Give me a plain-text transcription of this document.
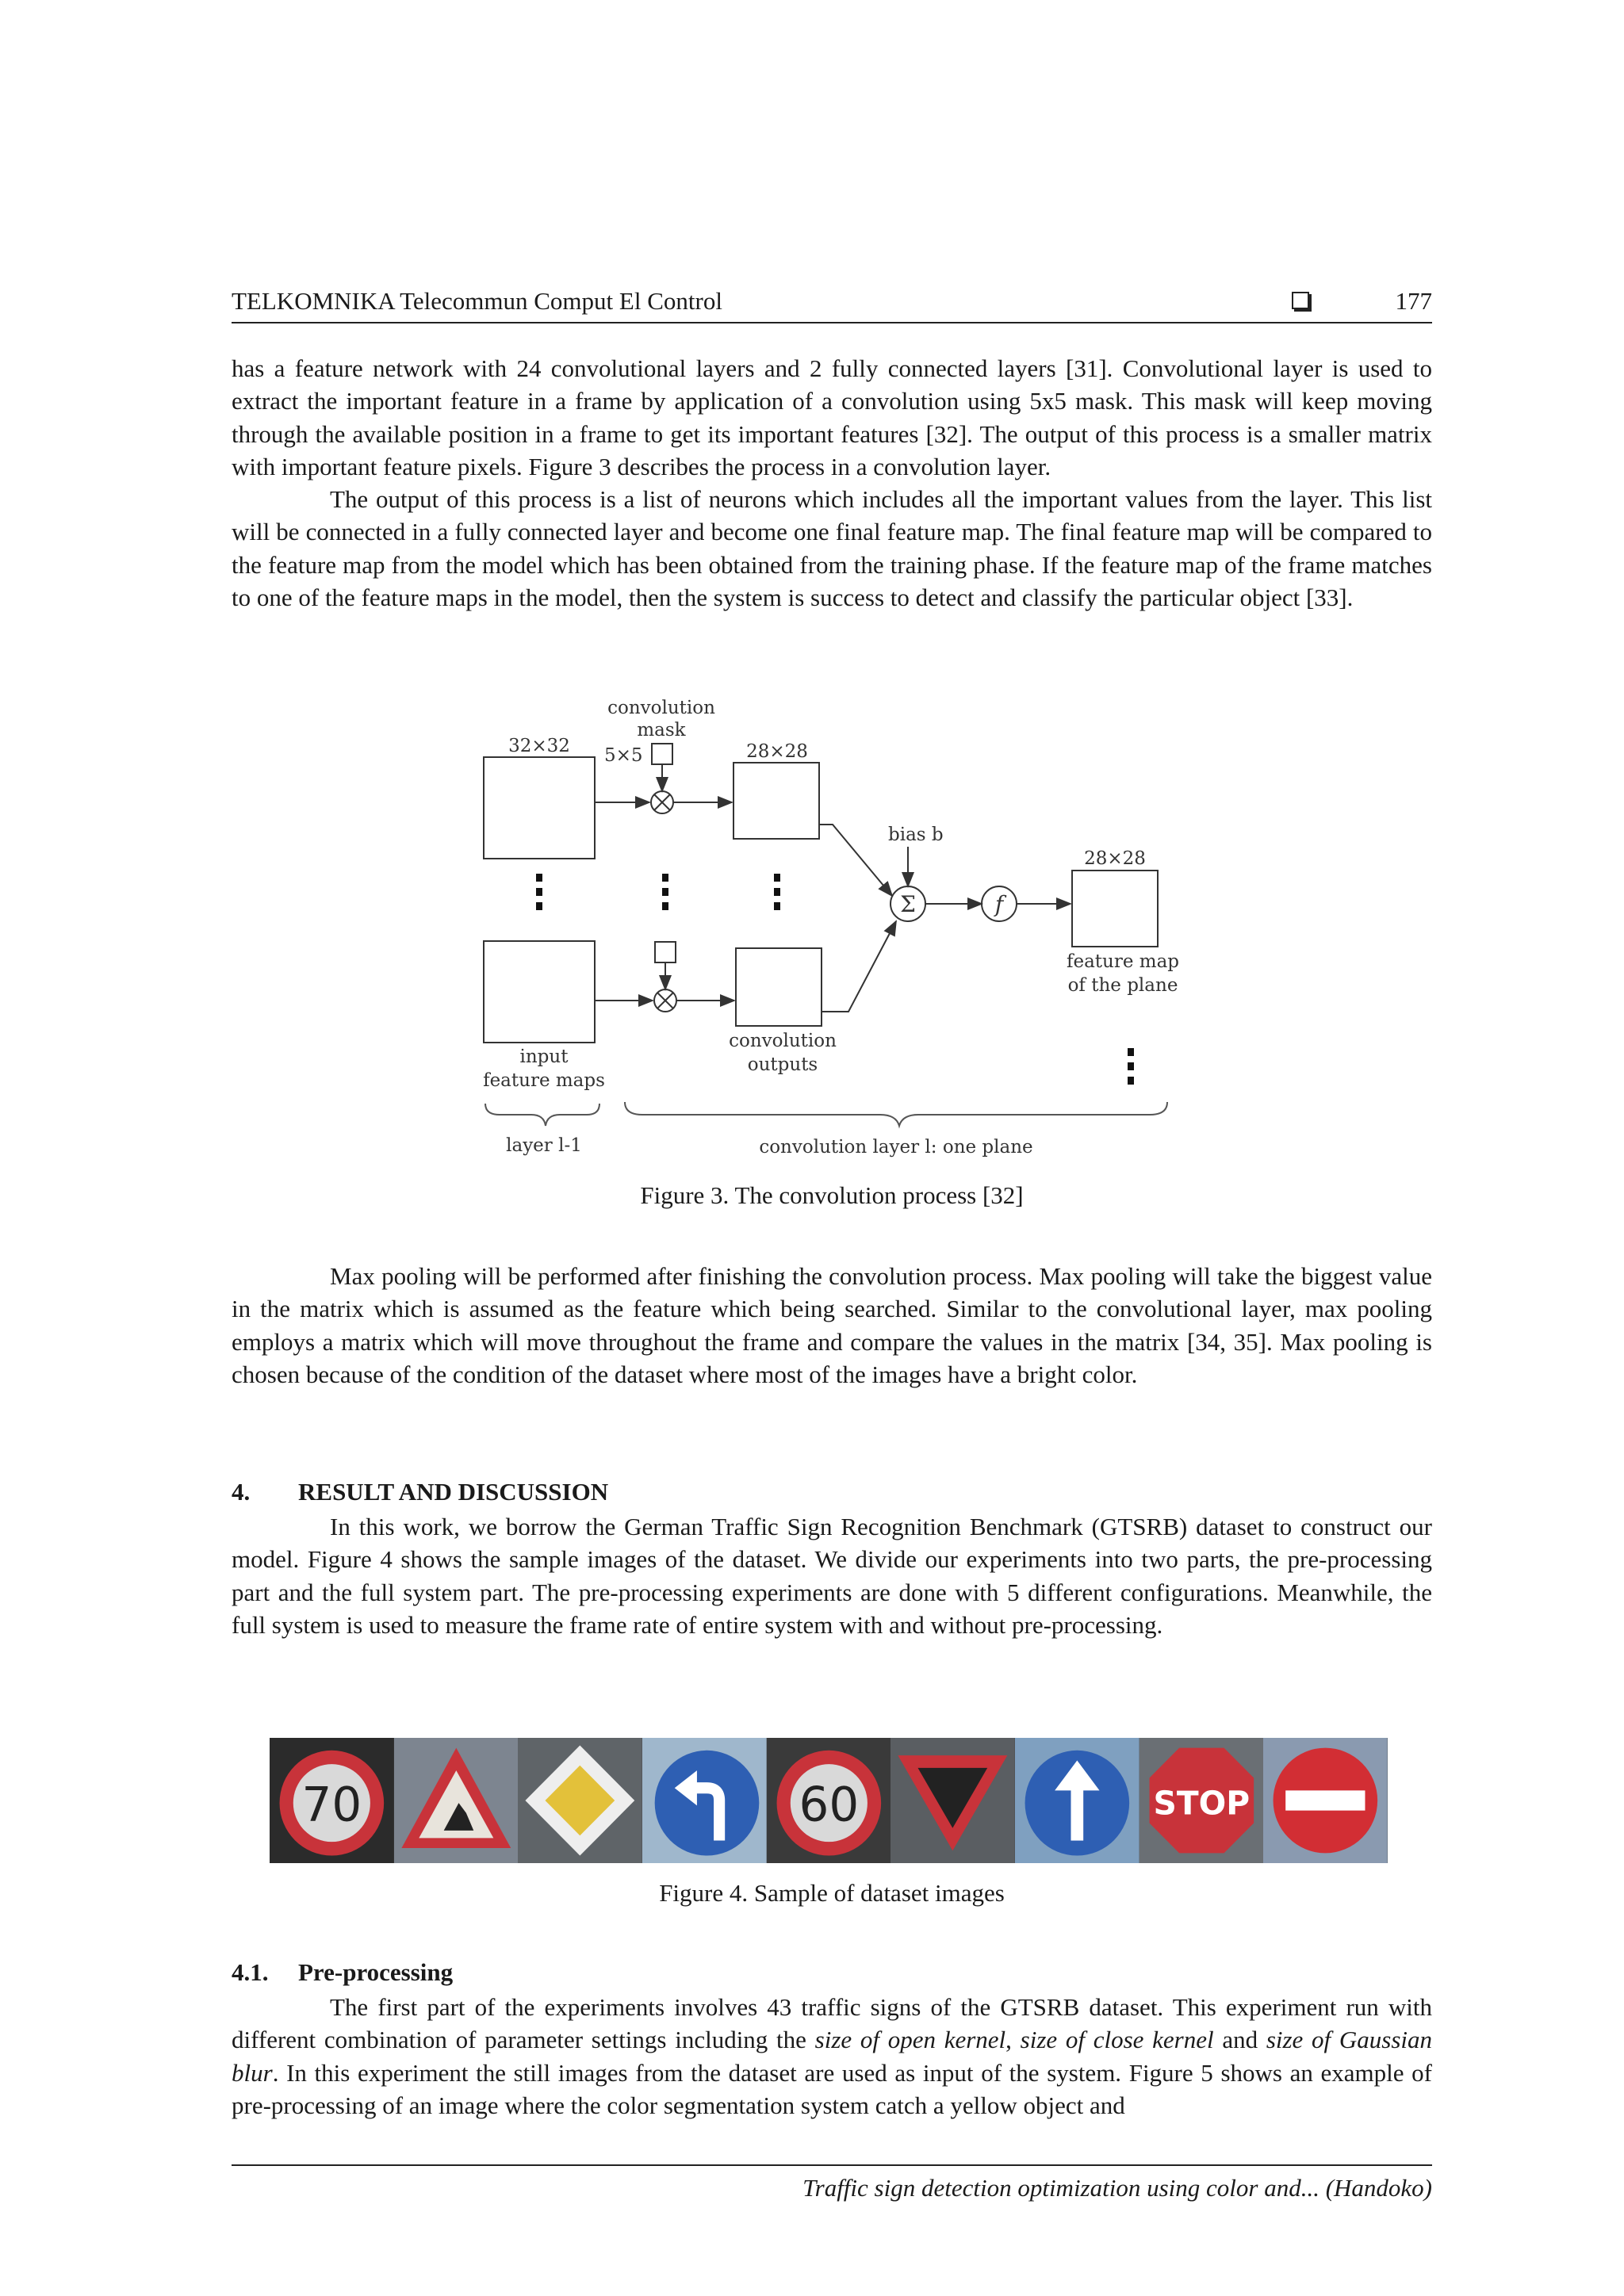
TELKOMNIKA Telecommun Comput El Control	177

has a feature network with 24 convolutional layers and 2 fully connected layers [31]. Convolutional layer is used to extract the important feature in a frame by application of a convolution using 5x5 mask. This mask will keep moving through the available position in a frame to get its important features [32]. The output of this process is a smaller matrix with important feature pixels. Figure 3 describes the process in a convolution layer.

The output of this process is a list of neurons which includes all the important values from the layer. This list will be connected in a fully connected layer and become one final feature map. The final feature map will be compared to the feature map from the model which has been obtained from the training phase. If the feature map of the frame matches to one of the feature maps in the model, then the system is success to detect and classify the particular object [33].

32×32
convolution
mask
5×5	28×28
bias b
Σ	f
28×28
feature map
of the plane
input
feature maps
convolution
outputs
layer l-1	convolution layer l: one plane
Figure 3. The convolution process [32]

Max pooling will be performed after finishing the convolution process. Max pooling will take the biggest value in the matrix which is assumed as the feature which being searched. Similar to the convolutional layer, max pooling employs a matrix which will move throughout the frame and compare the values in the matrix [34, 35]. Max pooling is chosen because of the condition of the dataset where most of the images have a bright color.

4. RESULT AND DISCUSSION

In this work, we borrow the German Traffic Sign Recognition Benchmark (GTSRB) dataset to construct our model. Figure 4 shows the sample images of the dataset. We divide our experiments into two parts, the pre-processing part and the full system part. The pre-processing experiments are done with 5 different configurations. Meanwhile, the full system is used to measure the frame rate of entire system with and without pre-processing.

70	60	STOP
Figure 4. Sample of dataset images
4.1. Pre-processing

The first part of the experiments involves 43 traffic signs of the GTSRB dataset. This experiment run with different combination of parameter settings including the size of open kernel, size of close kernel and size of Gaussian blur. In this experiment the still images from the dataset are used as input of the system. Figure 5 shows an example of pre-processing of an image where the color segmentation system catch a yellow object and

Traffic sign detection optimization using color and... (Handoko)
